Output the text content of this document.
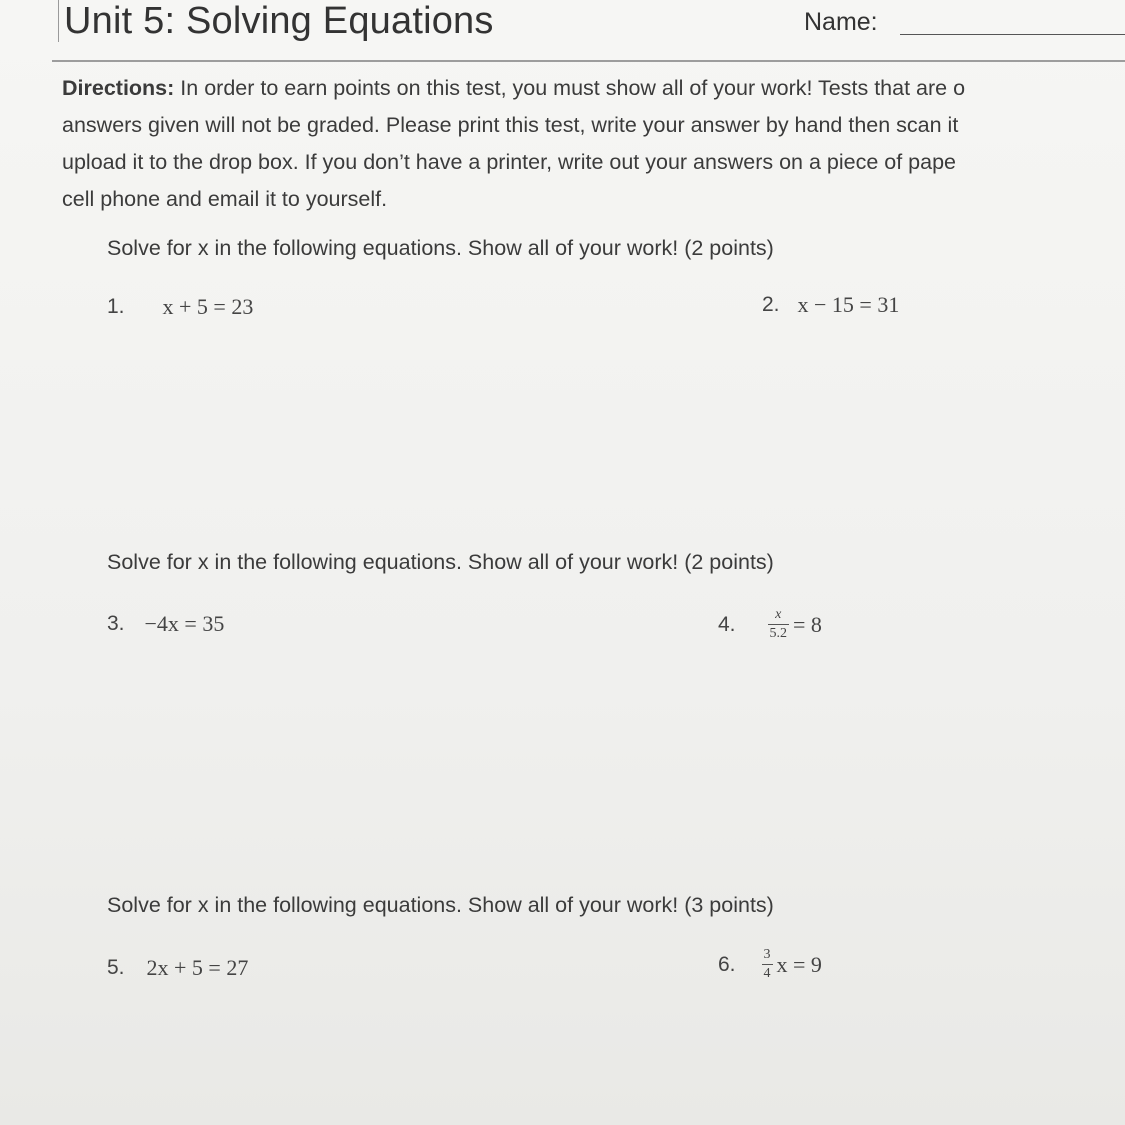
Unit 5: Solving Equations	Name:
Directions: In order to earn points on this test, you must show all of your work! Tests that are o
answers given will not be graded. Please print this test, write your answer by hand then scan it
upload it to the drop box. If you don’t have a printer, write out your answers on a piece of pape
cell phone and email it to yourself.
Solve for x in the following equations. Show all of your work! (2 points)
1. x + 5 = 23	2. x − 15 = 31
Solve for x in the following equations. Show all of your work! (2 points)
3. −4x = 35	4. $\frac{x}{5.2} = 8$
Solve for x in the following equations. Show all of your work! (3 points)
5. 2x + 5 = 27	6. $\frac{3}{4}$ x = 9
